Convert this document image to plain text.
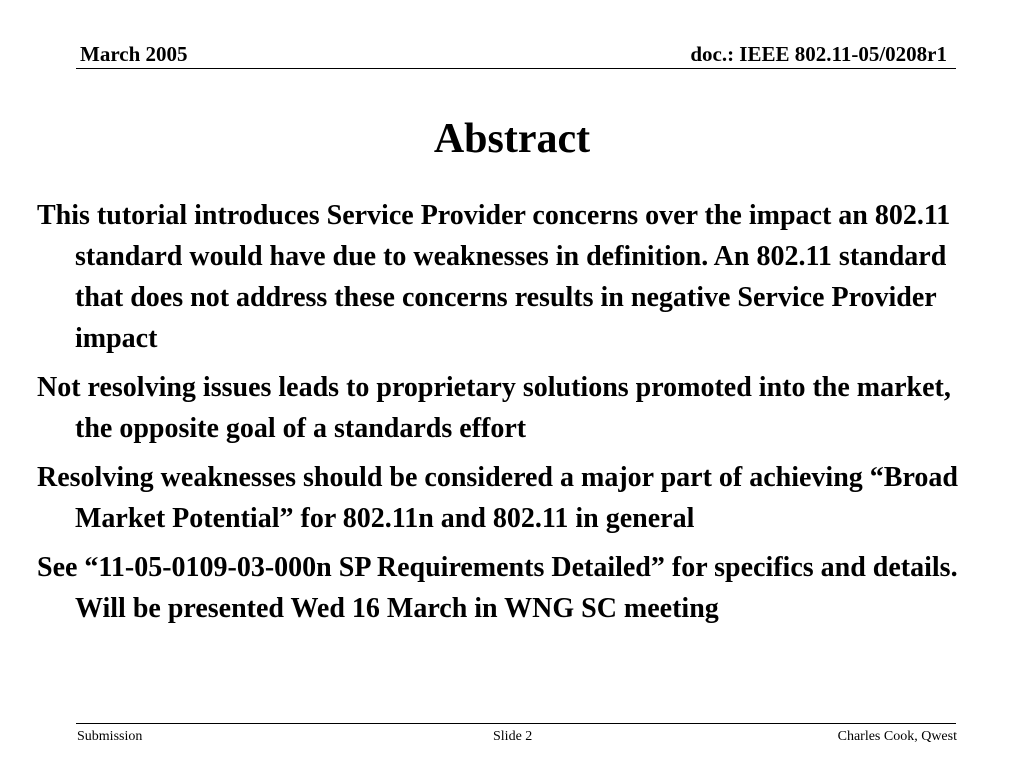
March 2005	doc.: IEEE 802.11-05/0208r1
Abstract
This tutorial introduces Service Provider concerns over the impact an 802.11 standard would have due to weaknesses in definition. An 802.11 standard that does not address these concerns results in negative Service Provider impact
Not resolving issues leads to proprietary solutions promoted into the market, the opposite goal of a standards effort
Resolving weaknesses should be considered a major part of achieving “Broad Market Potential” for 802.11n and 802.11 in general
See “11-05-0109-03-000n SP Requirements Detailed” for specifics and details. Will be presented Wed 16 March in WNG SC meeting
Submission	Slide 2	Charles Cook, Qwest
